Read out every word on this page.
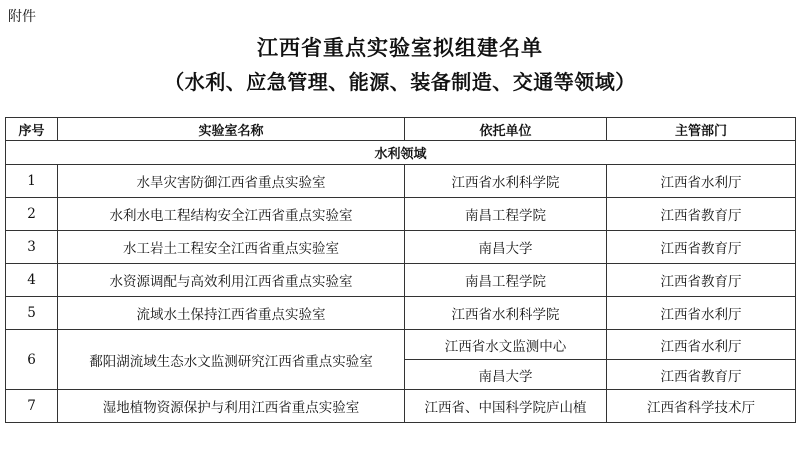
附件
江西省重点实验室拟组建名单
（水利、应急管理、能源、装备制造、交通等领域）
序号	实验室名称	依托单位	主管部门
水利领域			
1	水旱灾害防御江西省重点实验室	江西省水利科学院	江西省水利厅
2	水利水电工程结构安全江西省重点实验室	南昌工程学院	江西省教育厅
3	水工岩土工程安全江西省重点实验室	南昌大学	江西省教育厅
4	水资源调配与高效利用江西省重点实验室	南昌工程学院	江西省教育厅
5	流域水土保持江西省重点实验室	江西省水利科学院	江西省水利厅
6	鄱阳湖流域生态水文监测研究江西省重点实验室	江西省水文监测中心	江西省水利厅
		南昌大学	江西省教育厅
7	湿地植物资源保护与利用江西省重点实验室	江西省、中国科学院庐山植	江西省科学技术厅
